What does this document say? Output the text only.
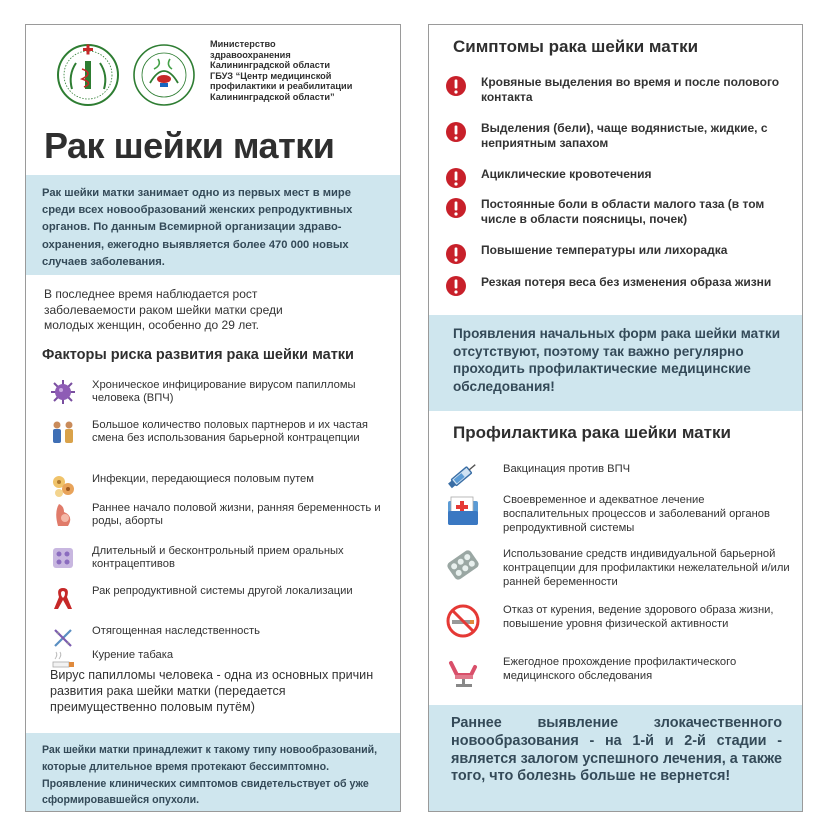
Министерство
здравоохранения
Калининградской области
ГБУЗ “Центр медицинской
профилактики и реабилитации
Калининградской области”
Рак шейки матки
Рак шейки матки занимает одно из первых мест в мире среди всех новообразований женских репродуктивных органов. По данным Всемирной организации здраво-охранения, ежегодно выявляется более 470 000 новых случаев заболевания.
В последнее время наблюдается рост заболеваемости раком шейки матки среди молодых женщин, особенно до 29 лет.
Факторы риска развития рака шейки матки
Хроническое инфицирование вирусом папилломы человека (ВПЧ)
Большое количество половых партнеров и их частая смена без использования барьерной контрацепции
Инфекции, передающиеся половым путем
Раннее начало половой жизни, ранняя беременность и роды, аборты
Длительный и бесконтрольный прием оральных контрацептивов
Рак репродуктивной системы другой локализации
Отягощенная наследственность
Курение табака
Вирус папилломы человека - одна из основных причин развития рака шейки матки (передается преимущественно половым путём)
Рак шейки матки принадлежит к такому типу новообразований, которые длительное время протекают бессимптомно. Проявление клинических симптомов свидетельствует об уже сформировавшейся опухоли.
Симптомы рака шейки матки
Кровяные выделения во время и после полового контакта
Выделения (бели), чаще водянистые, жидкие, с неприятным запахом
Ациклические кровотечения
Постоянные боли в области малого таза (в том числе в области поясницы, почек)
Повышение температуры или лихорадка
Резкая потеря веса без изменения образа жизни
Проявления начальных форм рака шейки матки отсутствуют, поэтому так важно регулярно проходить профилактические медицинские обследования!
Профилактика рака шейки матки
Вакцинация против ВПЧ
Своевременное и адекватное лечение воспалительных процессов и заболеваний органов репродуктивной системы
Использование средств индивидуальной барьерной контрацепции для профилактики нежелательной и/или ранней беременности
Отказ от курения, ведение здорового образа жизни, повышение уровня физической активности
Ежегодное прохождение профилактического медицинского обследования
Раннее выявление злокачественного новообразования - на 1-й и 2-й стадии - является залогом успешного лечения, а также того, что болезнь больше не вернется!
